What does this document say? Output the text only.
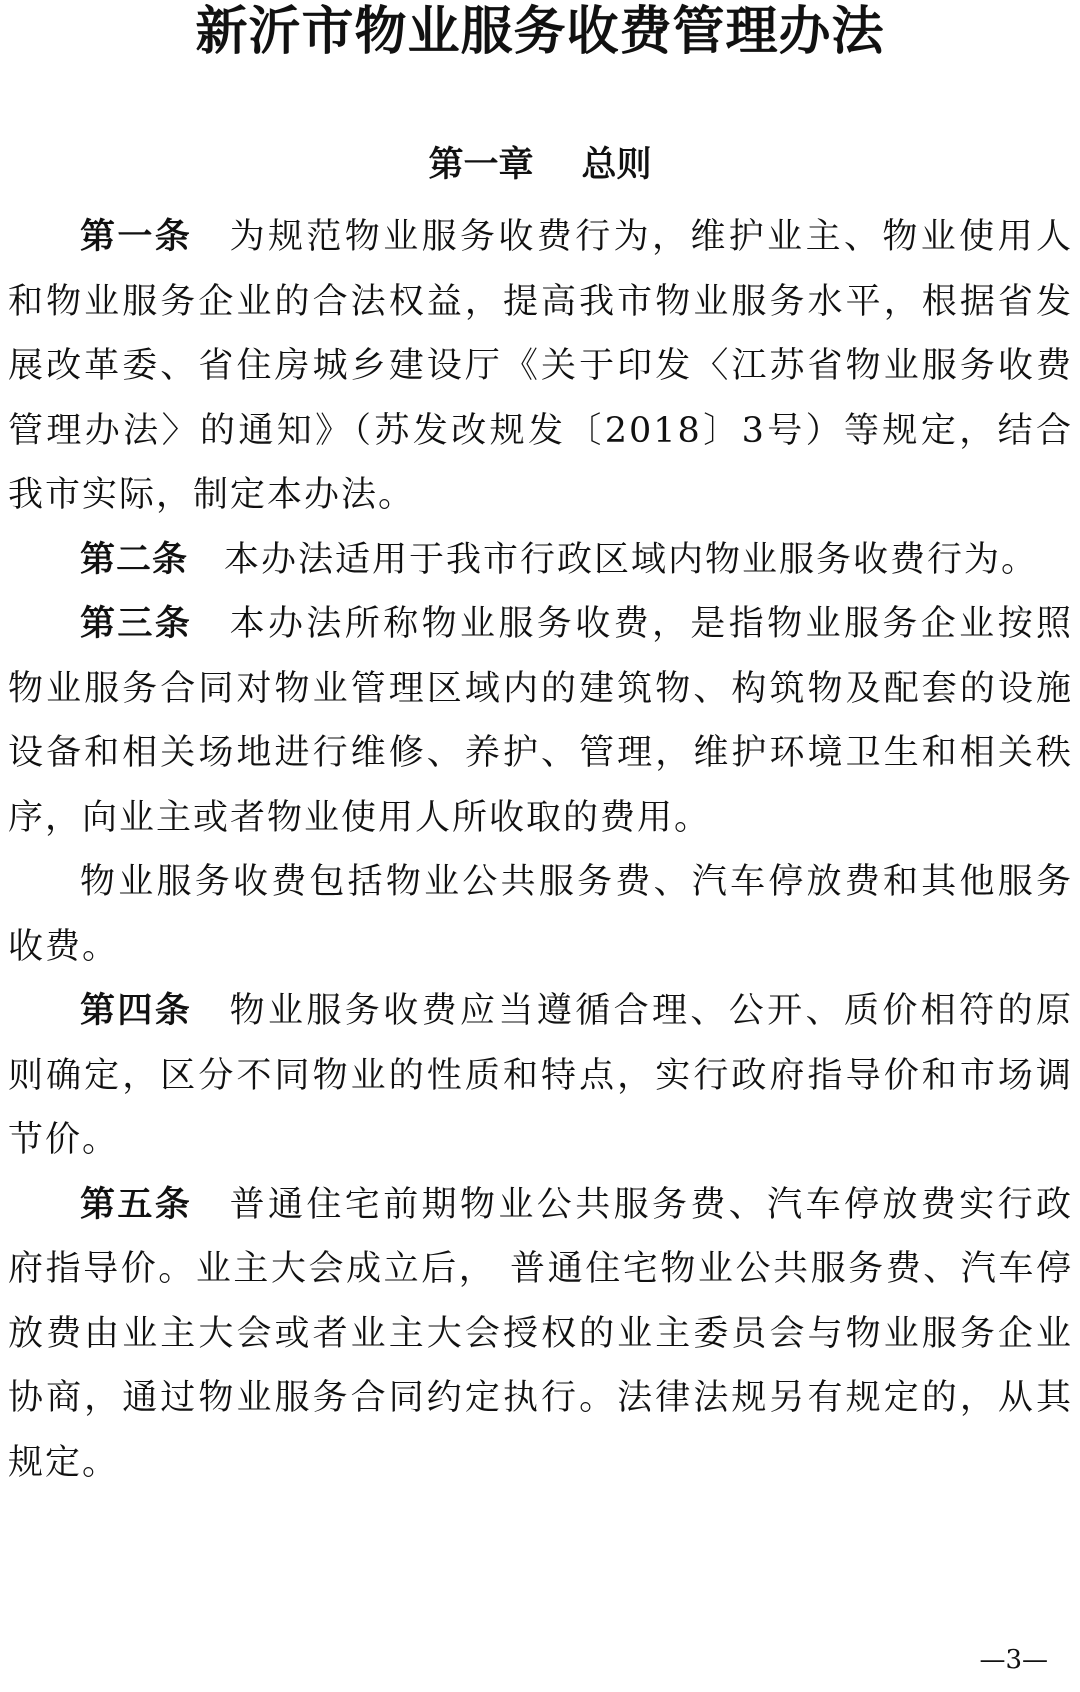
新沂市物业服务收费管理办法
第一章 总则

第一条 为规范物业服务收费行为，维护业主、物业使用人和物业服务企业的合法权益，提高我市物业服务水平，根据省发展改革委、省住房城乡建设厅《关于印发〈江苏省物业服务收费管理办法〉的通知》（苏发改规发〔2018〕3号）等规定，结合我市实际，制定本办法。

第二条 本办法适用于我市行政区域内物业服务收费行为。

第三条 本办法所称物业服务收费，是指物业服务企业按照物业服务合同对物业管理区域内的建筑物、构筑物及配套的设施设备和相关场地进行维修、养护、管理，维护环境卫生和相关秩序，向业主或者物业使用人所收取的费用。

物业服务收费包括物业公共服务费、汽车停放费和其他服务收费。

第四条 物业服务收费应当遵循合理、公开、质价相符的原则确定，区分不同物业的性质和特点，实行政府指导价和市场调节价。

第五条 普通住宅前期物业公共服务费、汽车停放费实行政府指导价。业主大会成立后， 普通住宅物业公共服务费、汽车停放费由业主大会或者业主大会授权的业主委员会与物业服务企业协商，通过物业服务合同约定执行。法律法规另有规定的，从其规定。

—3—
